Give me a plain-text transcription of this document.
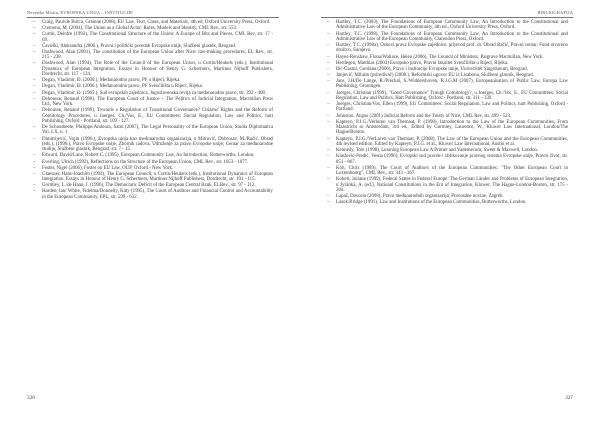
Nevenko Misita, EVROPSKA UNIJA – INSTITUCIJE
– Craig, Paul/de Búrca, Gráinne (2008), EU Law. Text, Cases, and Materials, 4th ed, Oxford University Press, Oxford.
– Cremona, M. (2004), The Union as a Global Actor: Roles, Models and Identity, CML Rev., str. 553.
– Curtin, Deirdre (1993), The Constitutional Structure of the Union: A Europe of Bits and Pieces, CML Rev, str. 17 - 69.
– Čavoški, Aleksandra (2006.), Pravni i politički poredak Evropske unije, Službeni glasnik, Beograd.
– Dashwood, Alan (2001), The constitution of the European Union after Nice: law-making procedures, EL Rev., str. 215 - 238.
– Dashwood, Alan (1994), The Role of the Council of the European Union, u Curtin/Heukels (eds.), Institutional Dynamics of European Integration, Essays in Honour of Henry G. Schermers, Martinus Nijhoff Publishers, Dordrecht, str. 117 - 134.
– Degan, Vladimir, Đ. (2000.), Međunarodno pravo, PF u Rijeci, Rijeka.
– Degan, Vladimir, Đ. (2006.), Međunarodno pravo, PF Sveučilišta u Rijeci, Rijeka.
– Degan, Vladimir, Đ. (1965.), Sud evropskih zajednica, Jugoslavenska revija za međunarodno pravo, str. 392 - 408.
– Dehousse, Renaud (1998), The European Court of Justice – The Politics of Judicial Integration, Macmillan Press Ltd., New York.
– Dehousse, Renaud (1999), Towards a Regulation of Transitional Governance? Citizens' Rights and the Reform of Comitology Procedures, u Joerges, Ch./Vos, E., EU Committees: Social Regulation, Law and Politics, hart Publishing, Oxford - Portland, str. 109 - 127.
– De Schoutheete, Philippe/Andoura, Sami (2007), The Legal Personality of the European Union, Studia Diplomatica Vol. LX, n. 1
– Dimitrijević, Vojin (1996.), Evropska unija kao međunarodna organizacija, u Mitrović, Dobrosav, M./Račić, Obrad (eds.), (1996.), Pravo Evropske unije, Zbornik radova, Udruženje za pravo Evropske unije; Centar za međunarodne studije, Službeni glasnik, Beograd, str. 7 - 15.
– Edward, David/Lane, Robert C. (1995), European Community Law, An Introduction, Butterworths, London.
– Everling, Ulrich (1992), Reflections on the Structure of the European Union, CML Rev., str. 1053 - 1077.
– Foster, Nigel (2006), Foster on EU Law, OUP, Oxford - New York.
– Glaesner, Hans-Joachim (1994), The European Council, u Curtin/Heukels (eds.), Institutional Dynamics of European Integration, Essays in Honour of Henry G. Schermers, Martinus Nijhoff Publishers, Dordrecht, str. 101 - 115.
– Gormley, L./de Haan, J. (1996), The Democratic Deficit of the European Central Bank, ELRev., str. 97 - 112.
– Harden, Ian/ White, Fidelma/Donnelly, Katy (1995), The Court of Auditors and Financial Control and Accountability in the European Community, EPL, str. 599 - 632.
328
BIBLIOGRAFIJA
– Hartley, T.C. (2003), The Foundations of European Community Law, An Introduction to the Constitutional and Administrative Law of the European Community, 4th ed., Oxford University Press, Oxford.
– Hartley, T.C. (1998), The Foundations of European Community Law, An Introduction to the Constitutional and Administrative Law of the European Community, Clarendon Press, Oxford.
– Hartley, T.C. (1998a), Osnovi prava Evropske zajednice, prijevod prof. dr. Obrad Račić, Pravni centar, Fond otvoreno društvo, Sarajevo.
– Hayes-Renshaw, Fiona/Wallace, Helen (2006), The Council of Ministers, Palgrave Macmillan, New York.
– Herdegen, Matthias (2003) Europsko pravo, Pravni fakultet Sveučilišta u Rijeci, Rijeka.
– Ilić-Gasmi, Gordana (2006), Pravo i institucije Evropske unije, Univerzitet Singidunum, Beograd.
– Janjević, Milutin (priredivač) (2008.), Reformski ugovor EU iz Lisabona, Službeni glasnik, Beograd.
– Jans, J.H/De Lange, R./Prechal, S./Widdershoven, R.J.G.M (2007), Europeanisation of Public Law, Europa Law Publishing, Groningen.
– Joerges, Christian (1999), "Good Governance" Trough Comitology?, u Joerges, Ch./Vos, E., EU Committees: Social Regulation, Law and Politics, Hart Publishing, Oxford - Portland, str. 311 - 339.
– Joerges, Christian/Vos, Ellen (1999), EU Committees: Social Regulation, Law and Politics, hart Publishing, Oxford - Portland.
– Johnston, Angus (2001) Judicial Reform and the Treaty of Nice, CML Rev, str. 499 - 523.
– Kapteyn, P.J.G./Verloren van Themaat, P. (1998), Introduction to the Law of the European Communities, From Maastricht to Amsterdam, 3rd ed., Edited by Gormley, Laurence, W., Kluwer Law International, London/The Hague/Boston.
– Kapteyn, P.J.G./VerLoren van Themaat, P. (2008), The Law of the European Union and the European Communities, 4th revised edition, Edited by Kapteyn, P.J.G. et al., Kluwer Law International, Austin et al.
– Kennedy, Tom (1998), Learning European Law A Primer and Vademecum, Sweet & Maxwell, London.
– Knežević-Predić, Vesna (1996), Evropski sud pravde i oblikovanje pravnog sistema Evropske unije, Pravni život, str. 851 - 867.
– Koh, Chris (1989), The Court of Auditors of the European Communities: "The Other European Court in Luxembourg", CML Rev., str. 343 - 367.
– Koketi, Juliane (1999), Federal States in Federal Europe: The German Länder and Problems of European Integration, u Jyränkä, A. (ed.), National Constitutions in the Era of Integration, Kluwer, The Hague-London-Boston, str. 175 - 204.
– Lapaš, Davorin (2008), Pravo međunarodnih organizacija, Pravosdne novine, Zagreb.
– Lasok/Bridge (1991), Law and Institutions of the European Communities, Butterworths, London.
327
